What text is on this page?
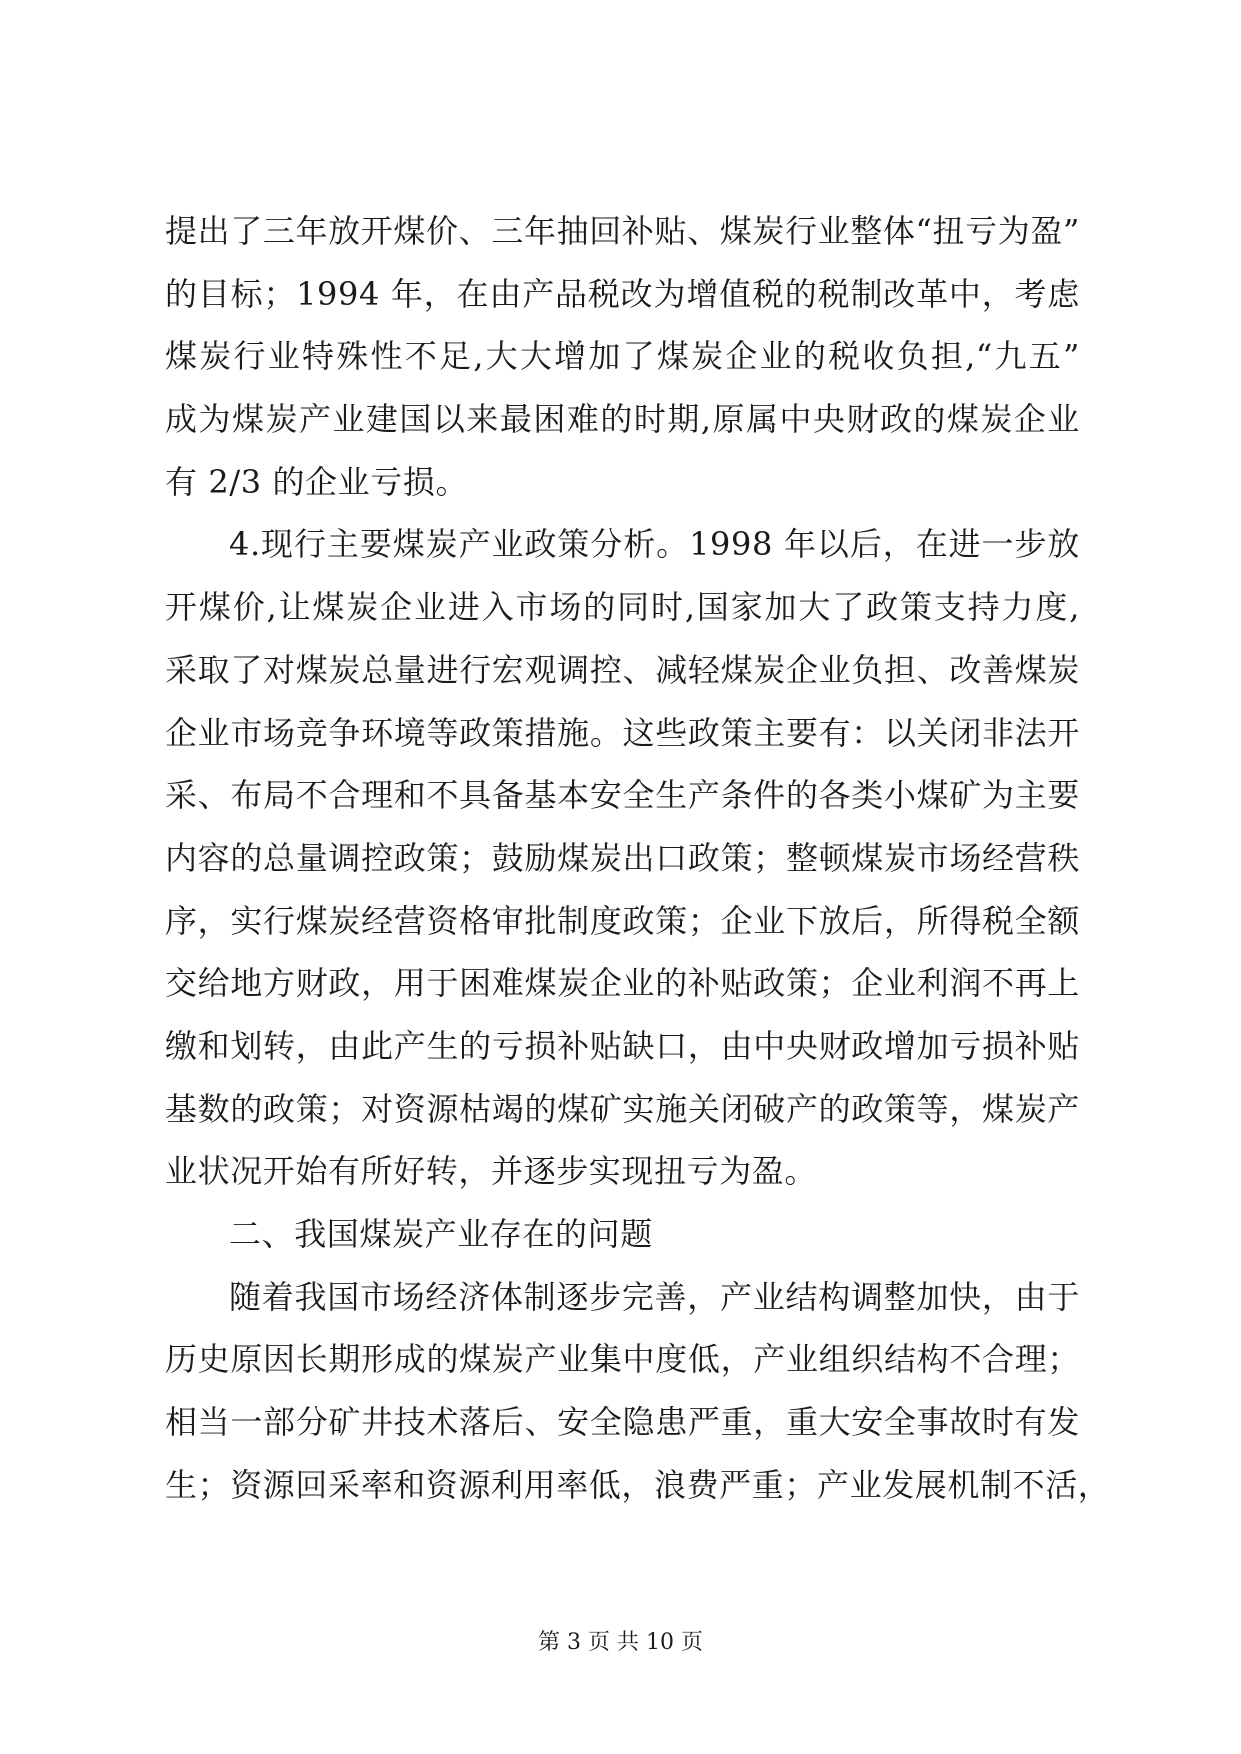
提出了三年放开煤价、三年抽回补贴、煤炭行业整体“扭亏为盈”
的目标；1994 年，在由产品税改为增值税的税制改革中，考虑
煤炭行业特殊性不足,大大增加了煤炭企业的税收负担,“九五”
成为煤炭产业建国以来最困难的时期,原属中央财政的煤炭企业
有 2/3 的企业亏损。
4.现行主要煤炭产业政策分析。1998 年以后，在进一步放
开煤价,让煤炭企业进入市场的同时,国家加大了政策支持力度,
采取了对煤炭总量进行宏观调控、减轻煤炭企业负担、改善煤炭
企业市场竞争环境等政策措施。这些政策主要有：以关闭非法开
采、布局不合理和不具备基本安全生产条件的各类小煤矿为主要
内容的总量调控政策；鼓励煤炭出口政策；整顿煤炭市场经营秩
序，实行煤炭经营资格审批制度政策；企业下放后，所得税全额
交给地方财政，用于困难煤炭企业的补贴政策；企业利润不再上
缴和划转，由此产生的亏损补贴缺口，由中央财政增加亏损补贴
基数的政策；对资源枯竭的煤矿实施关闭破产的政策等，煤炭产
业状况开始有所好转，并逐步实现扭亏为盈。
二、我国煤炭产业存在的问题
随着我国市场经济体制逐步完善，产业结构调整加快，由于
历史原因长期形成的煤炭产业集中度低，产业组织结构不合理；
相当一部分矿井技术落后、安全隐患严重，重大安全事故时有发
生；资源回采率和资源利用率低，浪费严重；产业发展机制不活，
第 3 页 共 10 页
